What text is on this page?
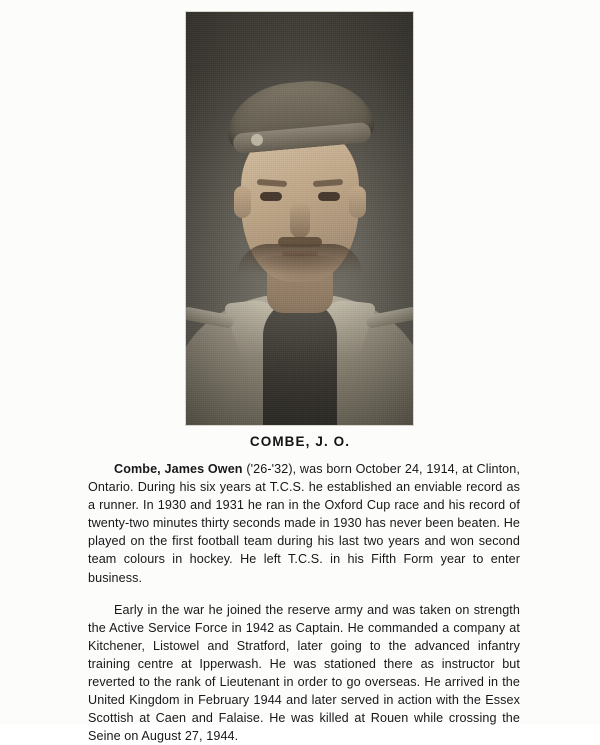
COMBE, J. O.

Combe, James Owen ('26-'32), was born October 24, 1914, at Clinton, Ontario. During his six years at T.C.S. he established an enviable record as a runner. In 1930 and 1931 he ran in the Oxford Cup race and his record of twenty-two minutes thirty seconds made in 1930 has never been beaten. He played on the first football team during his last two years and won second team colours in hockey. He left T.C.S. in his Fifth Form year to enter business.

Early in the war he joined the reserve army and was taken on strength the Active Service Force in 1942 as Captain. He commanded a company at Kitchener, Listowel and Stratford, later going to the advanced infantry training centre at Ipperwash. He was stationed there as instructor but reverted to the rank of Lieutenant in order to go overseas. He arrived in the United Kingdom in February 1944 and later served in action with the Essex Scottish at Caen and Falaise. He was killed at Rouen while crossing the Seine on August 27, 1944.
